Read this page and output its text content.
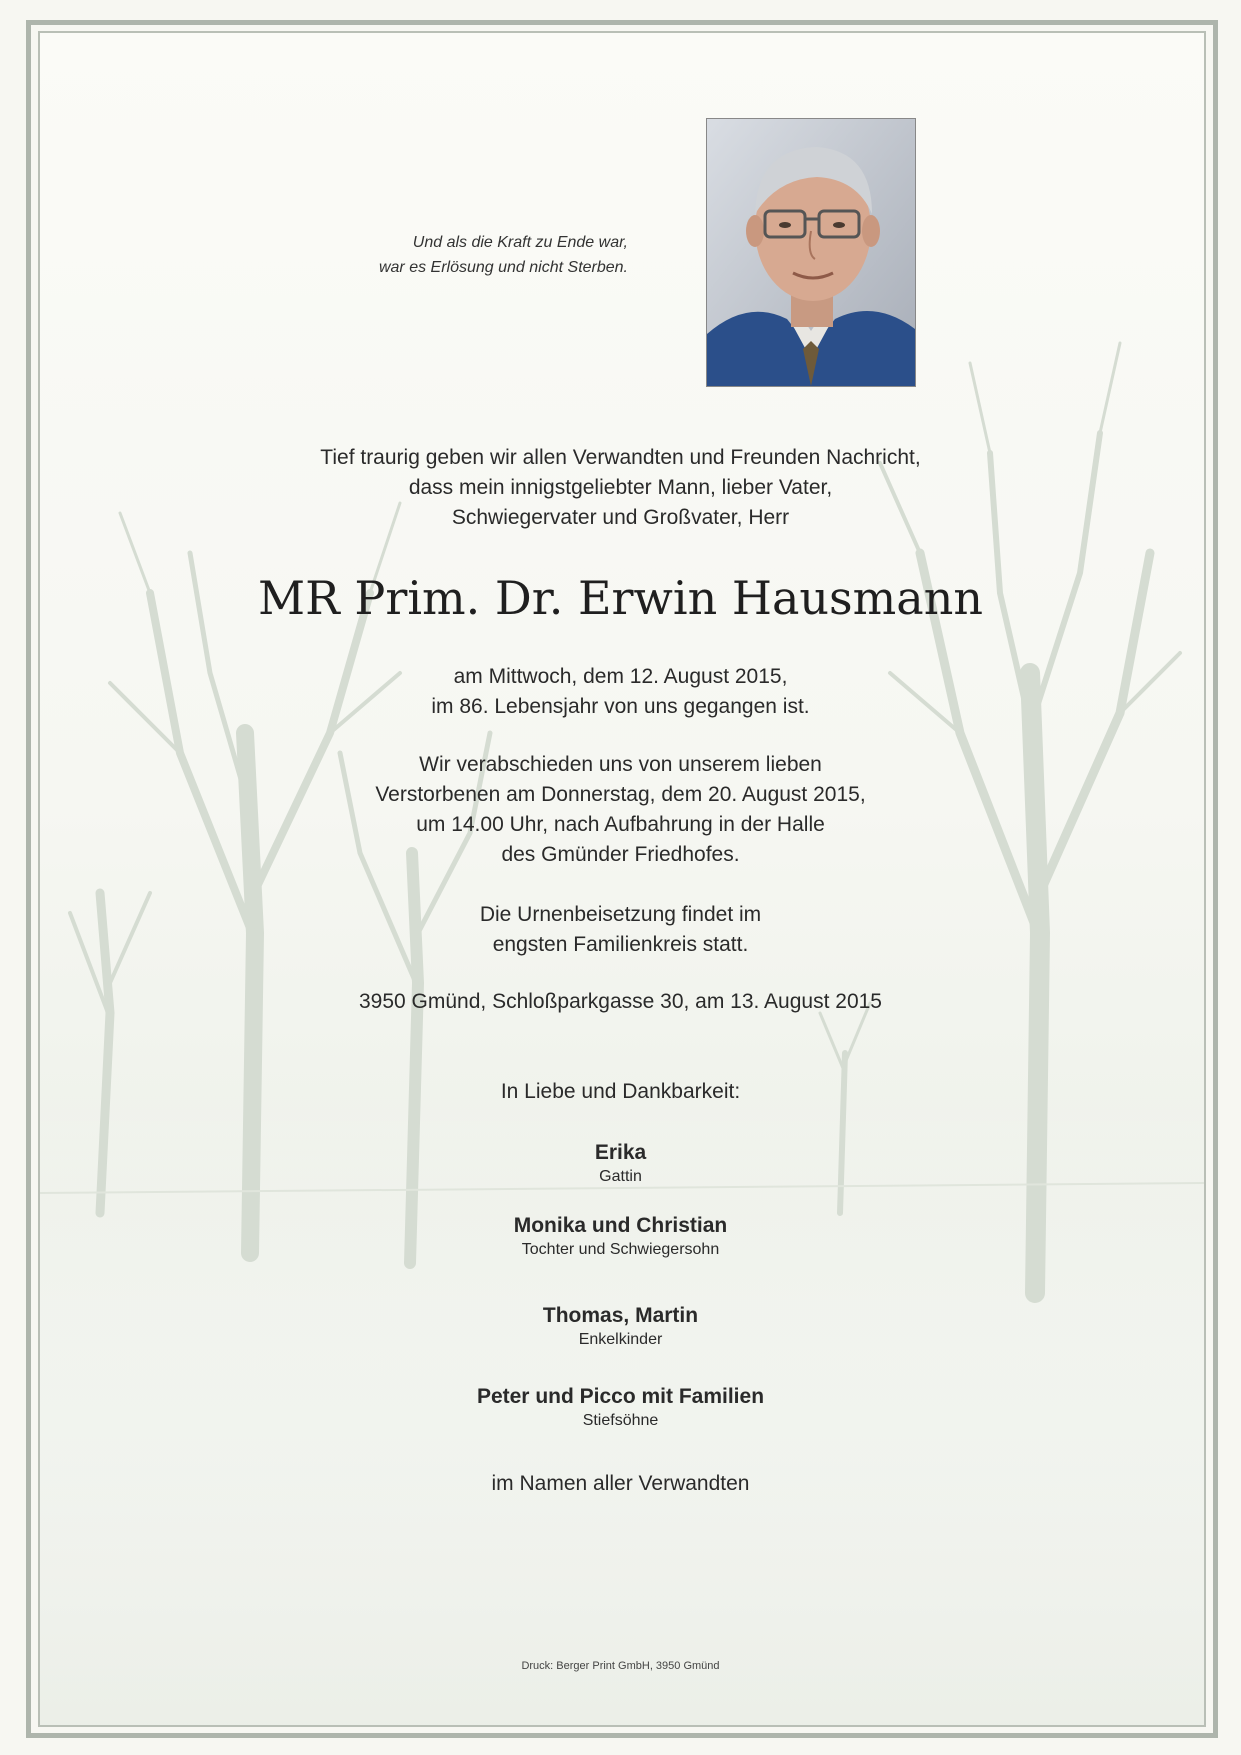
Und als die Kraft zu Ende war,
war es Erlösung und nicht Sterben.
Tief traurig geben wir allen Verwandten und Freunden Nachricht,
dass mein innigstgeliebter Mann, lieber Vater,
Schwiegervater und Großvater, Herr
MR Prim. Dr. Erwin Hausmann
am Mittwoch, dem 12. August 2015,
im 86. Lebensjahr von uns gegangen ist.
Wir verabschieden uns von unserem lieben
Verstorbenen am Donnerstag, dem 20. August 2015,
um 14.00 Uhr, nach Aufbahrung in der Halle
des Gmünder Friedhofes.
Die Urnenbeisetzung findet im
engsten Familienkreis statt.
3950 Gmünd, Schloßparkgasse 30, am 13. August 2015
In Liebe und Dankbarkeit:
Erika
Gattin
Monika und Christian
Tochter und Schwiegersohn
Thomas, Martin
Enkelkinder
Peter und Picco mit Familien
Stiefsöhne
im Namen aller Verwandten
Druck: Berger Print GmbH, 3950 Gmünd
